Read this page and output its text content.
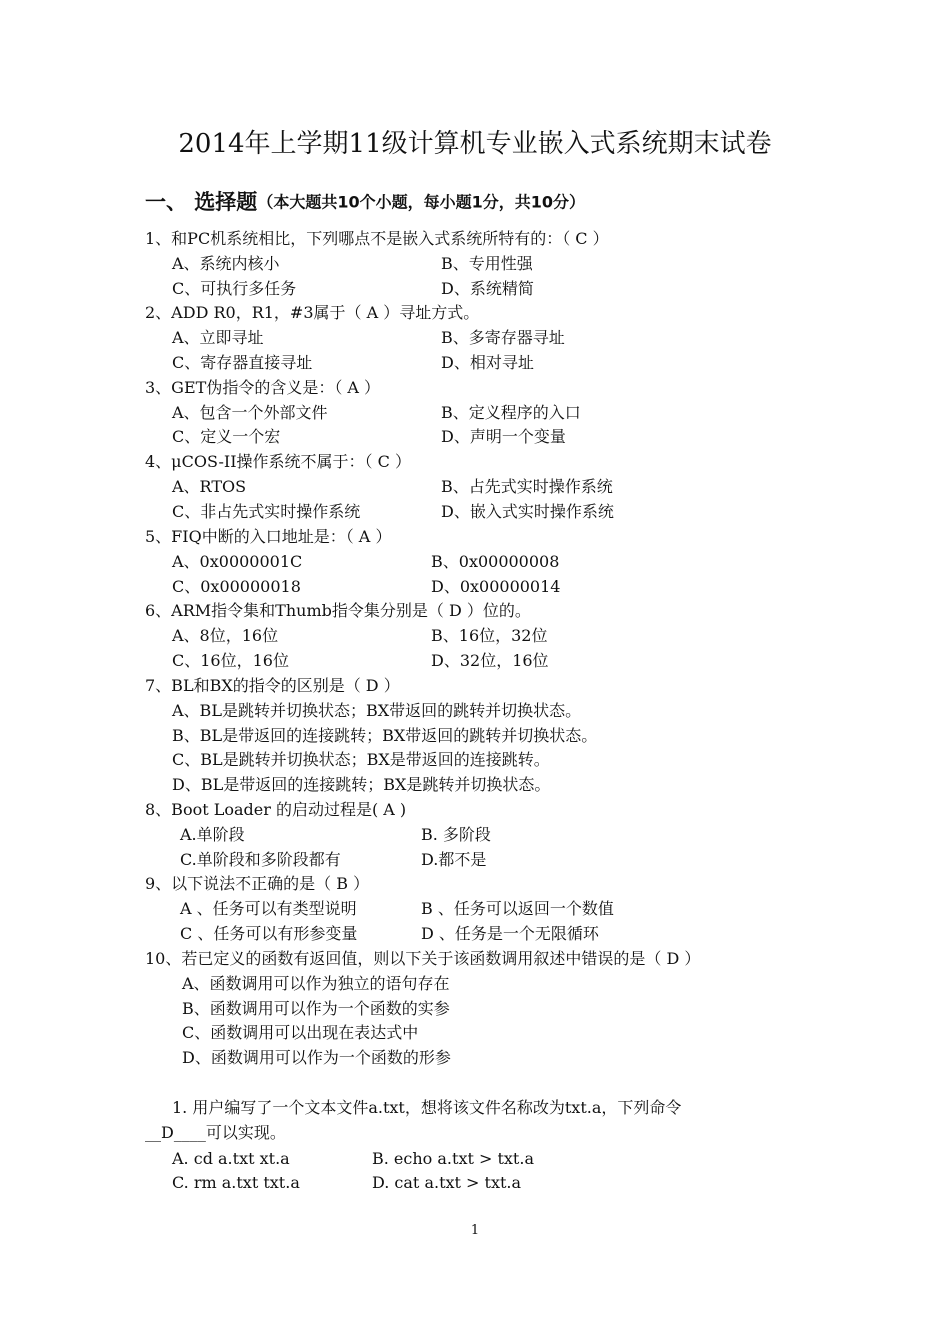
2014年上学期11级计算机专业嵌入式系统期末试卷
一、 选择题（本大题共10个小题，每小题1分，共10分）
1、和PC机系统相比，下列哪点不是嵌入式系统所特有的：（ C ）
A、系统内核小	B、专用性强
C、可执行多任务	D、系统精简
2、ADD R0，R1，#3属于（ A ）寻址方式。
A、立即寻址	B、多寄存器寻址
C、寄存器直接寻址	D、相对寻址
3、GET伪指令的含义是：（ A ）
A、包含一个外部文件	B、定义程序的入口
C、定义一个宏	D、声明一个变量
4、μCOS-II操作系统不属于：（ C ）
A、RTOS	B、占先式实时操作系统
C、非占先式实时操作系统	D、嵌入式实时操作系统
5、FIQ中断的入口地址是：（ A ）
A、0x0000001C	B、0x00000008
C、0x00000018	D、0x00000014
6、ARM指令集和Thumb指令集分别是（ D ）位的。
A、8位，16位	B、16位，32位
C、16位，16位	D、32位，16位
7、BL和BX的指令的区别是（ D ）
A、BL是跳转并切换状态；BX带返回的跳转并切换状态。
B、BL是带返回的连接跳转；BX带返回的跳转并切换状态。
C、BL是跳转并切换状态；BX是带返回的连接跳转。
D、BL是带返回的连接跳转；BX是跳转并切换状态。
8、Boot Loader 的启动过程是( A )
A.单阶段	B. 多阶段
C.单阶段和多阶段都有	D.都不是
9、以下说法不正确的是（ B ）
A 、任务可以有类型说明	B 、任务可以返回一个数值
C 、任务可以有形参变量	D 、任务是一个无限循环
10、若已定义的函数有返回值，则以下关于该函数调用叙述中错误的是（ D ）
A、函数调用可以作为独立的语句存在
B、函数调用可以作为一个函数的实参
C、函数调用可以出现在表达式中
D、函数调用可以作为一个函数的形参
1. 用户编写了一个文本文件a.txt，想将该文件名称改为txt.a，下列命令
__D____可以实现。
A. cd a.txt xt.a	B. echo a.txt > txt.a
C. rm a.txt txt.a	D. cat a.txt > txt.a
1
